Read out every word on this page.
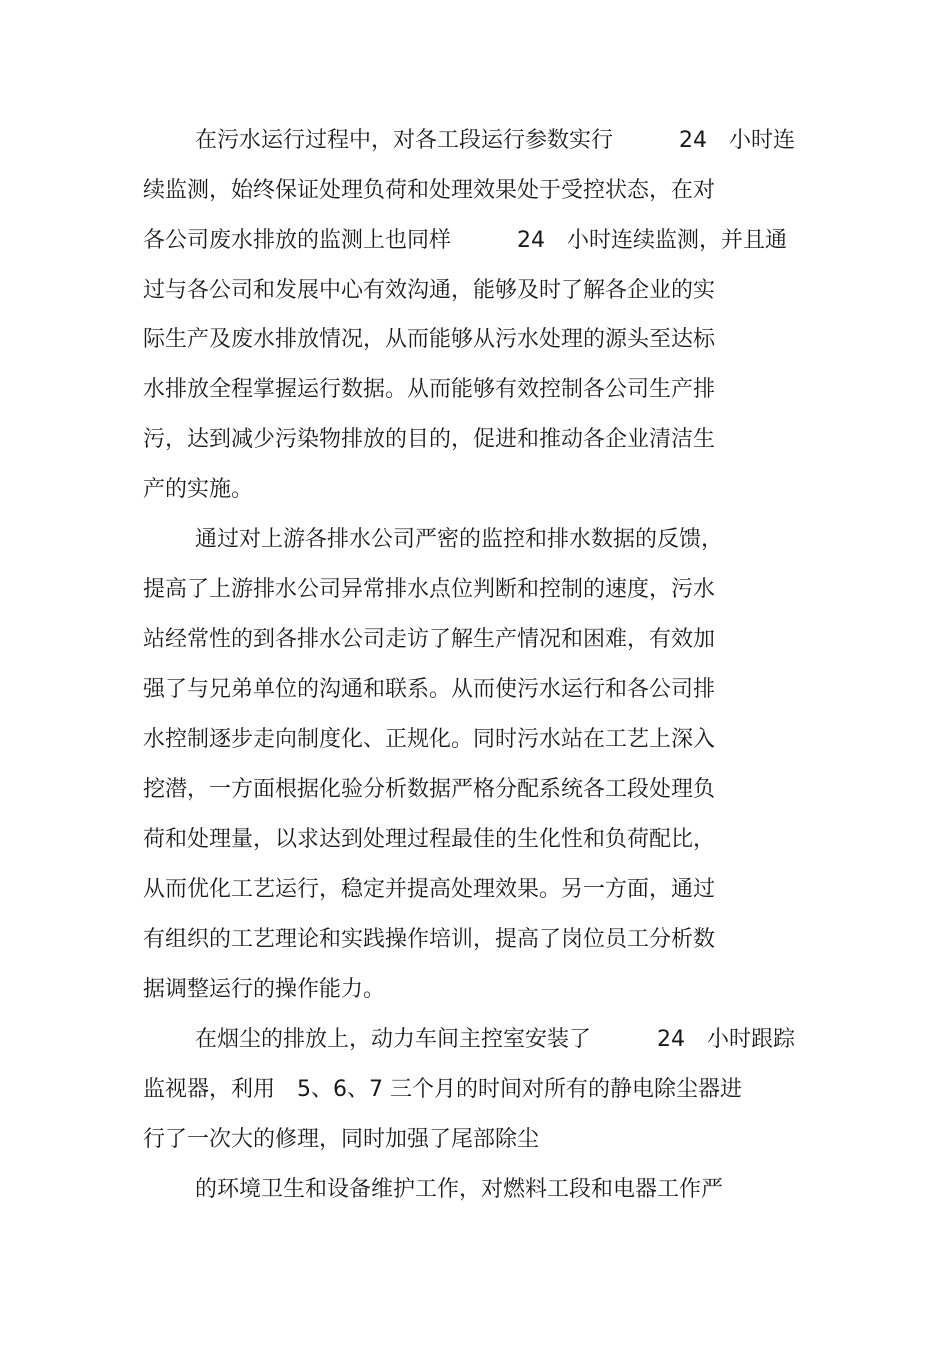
在污水运行过程中，对各工段运行参数实行　　　24　小时连
续监测，始终保证处理负荷和处理效果处于受控状态，在对
各公司废水排放的监测上也同样　　　24　小时连续监测，并且通
过与各公司和发展中心有效沟通，能够及时了解各企业的实
际生产及废水排放情况，从而能够从污水处理的源头至达标
水排放全程掌握运行数据。从而能够有效控制各公司生产排
污，达到减少污染物排放的目的，促进和推动各企业清洁生
产的实施。
通过对上游各排水公司严密的监控和排水数据的反馈，
提高了上游排水公司异常排水点位判断和控制的速度，污水
站经常性的到各排水公司走访了解生产情况和困难，有效加
强了与兄弟单位的沟通和联系。从而使污水运行和各公司排
水控制逐步走向制度化、正规化。同时污水站在工艺上深入
挖潜，一方面根据化验分析数据严格分配系统各工段处理负
荷和处理量，以求达到处理过程最佳的生化性和负荷配比，
从而优化工艺运行，稳定并提高处理效果。另一方面，通过
有组织的工艺理论和实践操作培训，提高了岗位员工分析数
据调整运行的操作能力。
在烟尘的排放上，动力车间主控室安装了　　　24　小时跟踪
监视器，利用　5、6、7 三个月的时间对所有的静电除尘器进
行了一次大的修理，同时加强了尾部除尘
的环境卫生和设备维护工作，对燃料工段和电器工作严
